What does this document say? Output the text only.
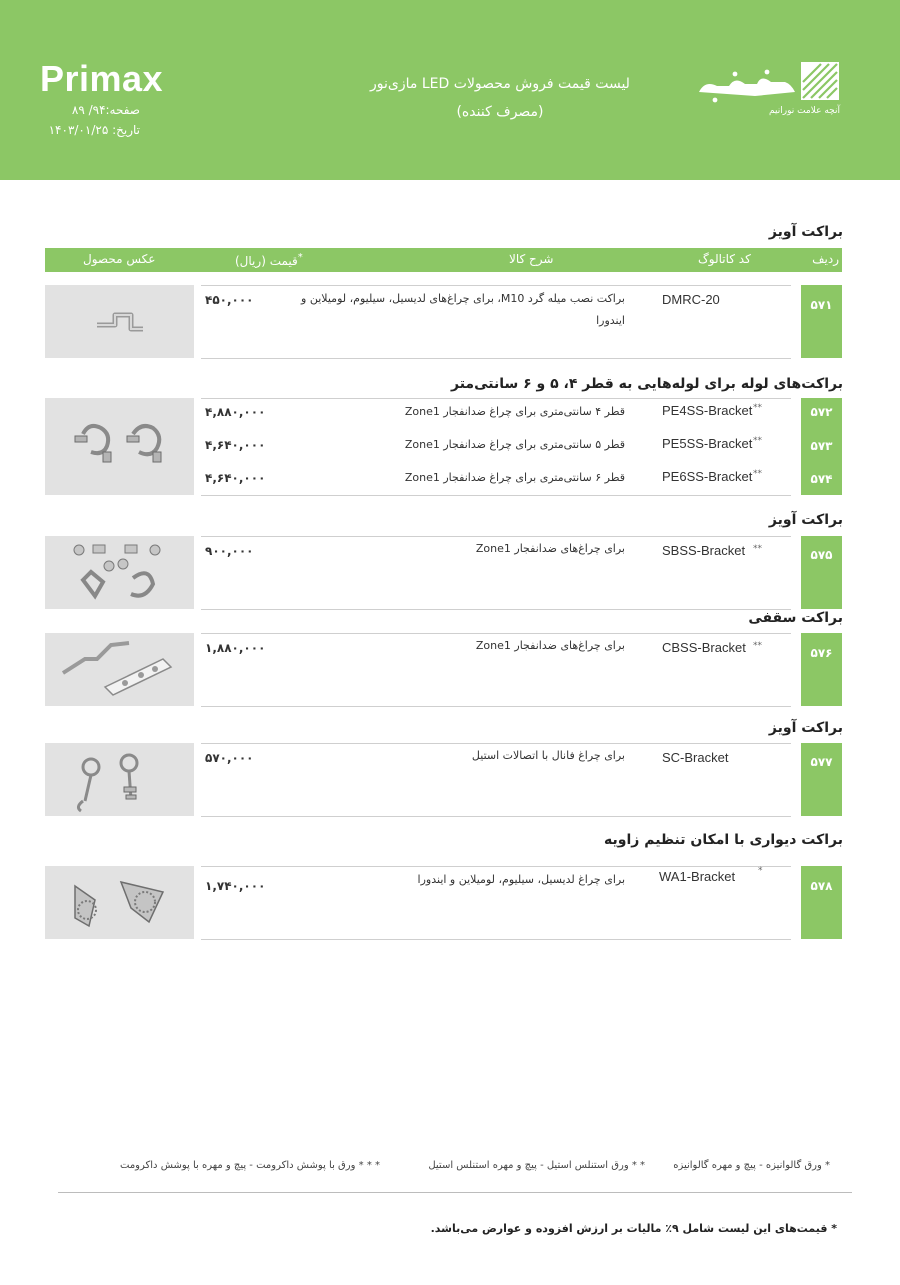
Primax
صفحه:۹۴/ ۸۹
تاریخ: ۱۴۰۳/۰۱/۲۵
لیست قیمت فروش محصولات LED مازی‌نور
(مصرف کننده)	آنچه علامت نورانیم
براکت آویز
ردیف
کد کاتالوگ
شرح کالا
*قیمت (ریال)
عکس محصول
۵۷۱
DMRC-20
براکت نصب میله گرد M10، برای چراغ‌های لدیسیل، سیلیوم، لومیلاین و ایندورا
۴۵۰,۰۰۰
براکت‌های لوله برای لوله‌هایی به قطر ۴، ۵ و ۶ سانتی‌متر
۵۷۲
۵۷۳
۵۷۴
PE4SS-Bracket
PE5SS-Bracket
PE6SS-Bracket
**
**
**
قطر ۴ سانتی‌متری برای چراغ ضدانفجار Zone1
قطر ۵ سانتی‌متری برای چراغ ضدانفجار Zone1
قطر ۶ سانتی‌متری برای چراغ ضدانفجار Zone1
۴,۸۸۰,۰۰۰
۴,۶۴۰,۰۰۰
۴,۶۴۰,۰۰۰
براکت آویز
۵۷۵
SBSS-Bracket **
برای چراغ‌های ضدانفجار Zone1
۹۰۰,۰۰۰
براکت سقفی
۵۷۶
CBSS-Bracket **
برای چراغ‌های ضدانفجار Zone1
۱,۸۸۰,۰۰۰
براکت آویز
۵۷۷
SC-Bracket
برای چراغ فانال با اتصالات استیل
۵۷۰,۰۰۰
براکت دیواری با امکان تنظیم زاویه
۵۷۸
WA1-Bracket	*
برای چراغ لدیسیل، سیلیوم، لومیلاین و ایندورا
۱,۷۴۰,۰۰۰
* ورق گالوانیزه - پیچ و مهره گالوانیزه
* * ورق استنلس استیل - پیچ و مهره استنلس استیل
* * * ورق با پوشش داکرومت - پیچ و مهره با پوشش داکرومت
* قیمت‌های این لیست شامل ۹٪ مالیات بر ارزش افزوده و عوارض می‌باشد.
